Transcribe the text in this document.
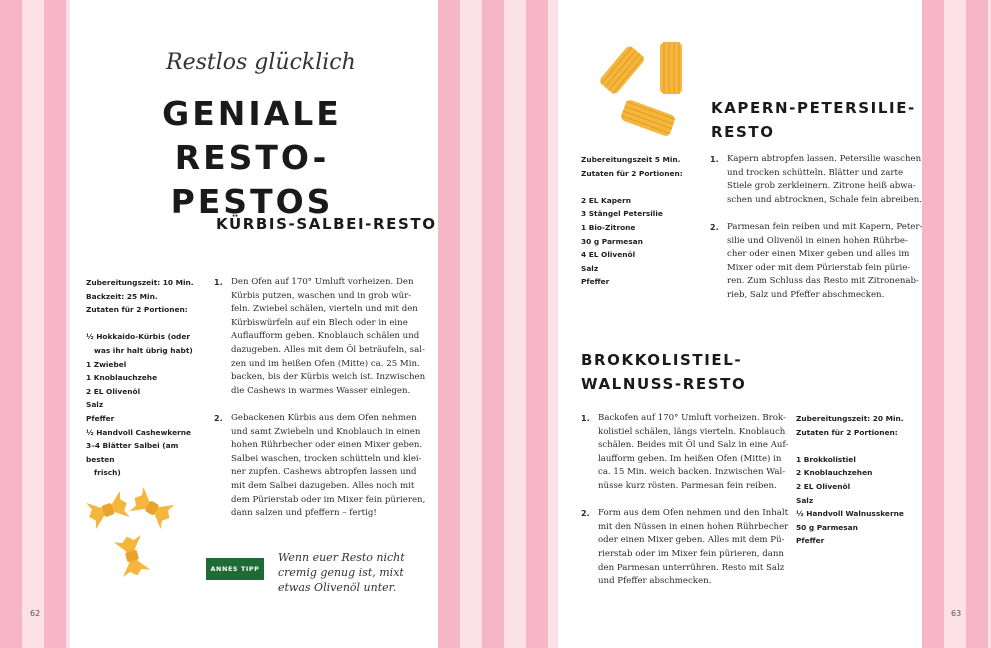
Restlos glücklich
GENIALE RESTO-
PESTOS
KÜRBIS-SALBEI-RESTO
Zubereitungszeit: 10 Min.
Backzeit: 25 Min.
Zutaten für 2 Portionen:
½ Hokkaido-Kürbis (oder
was ihr halt übrig habt)
1 Zwiebel
1 Knoblauchzehe
2 EL Olivenöl
Salz
Pfeffer
½ Handvoll Cashewkerne
3–4 Blätter Salbei (am besten
frisch)
1. Den Ofen auf 170° Umluft vorheizen. Den
Kürbis putzen, waschen und in grob wür-
feln. Zwiebel schälen, vierteln und mit den
Kürbiswürfeln auf ein Blech oder in eine
Auflaufform geben. Knoblauch schälen und
dazugeben. Alles mit dem Öl beträufeln, sal-
zen und im heißen Ofen (Mitte) ca. 25 Min.
backen, bis der Kürbis weich ist. Inzwischen
die Cashews in warmes Wasser einlegen.
2. Gebackenen Kürbis aus dem Ofen nehmen
und samt Zwiebeln und Knoblauch in einen
hohen Rührbecher oder einen Mixer geben.
Salbei waschen, trocken schütteln und klei-
ner zupfen. Cashews abtropfen lassen und
mit dem Salbei dazugeben. Alles noch mit
dem Pürierstab oder im Mixer fein pürieren,
dann salzen und pfeffern – fertig!
ANNES TIPP
Wenn euer Resto nicht
cremig genug ist, mixt
etwas Olivenöl unter.
62
KAPERN-PETERSILIE-
RESTO
Zubereitungszeit 5 Min.
Zutaten für 2 Portionen:
2 EL Kapern
3 Stängel Petersilie
1 Bio-Zitrone
30 g Parmesan
4 EL Olivenöl
Salz
Pfeffer
1. Kapern abtropfen lassen. Petersilie waschen
und trocken schütteln. Blätter und zarte
Stiele grob zerkleinern. Zitrone heiß abwa-
schen und abtrocknen, Schale fein abreiben.
2. Parmesan fein reiben und mit Kapern, Peter-
silie und Olivenöl in einen hohen Rührbe-
cher oder einen Mixer geben und alles im
Mixer oder mit dem Pürierstab fein pürie-
ren. Zum Schluss das Resto mit Zitronenab-
rieb, Salz und Pfeffer abschmecken.
BROKKOLISTIEL-
WALNUSS-RESTO
1. Backofen auf 170° Umluft vorheizen. Brok-
kolistiel schälen, längs vierteln. Knoblauch
schälen. Beides mit Öl und Salz in eine Auf-
laufform geben. Im heißen Ofen (Mitte) in
ca. 15 Min. weich backen. Inzwischen Wal-
nüsse kurz rösten. Parmesan fein reiben.
2. Form aus dem Ofen nehmen und den Inhalt
mit den Nüssen in einen hohen Rührbecher
oder einen Mixer geben. Alles mit dem Pü-
rierstab oder im Mixer fein pürieren, dann
den Parmesan unterrühren. Resto mit Salz
und Pfeffer abschmecken.
Zubereitungszeit: 20 Min.
Zutaten für 2 Portionen:
1 Brokkolistiel
2 Knoblauchzehen
2 EL Olivenöl
Salz
½ Handvoll Walnusskerne
50 g Parmesan
Pfeffer
63
